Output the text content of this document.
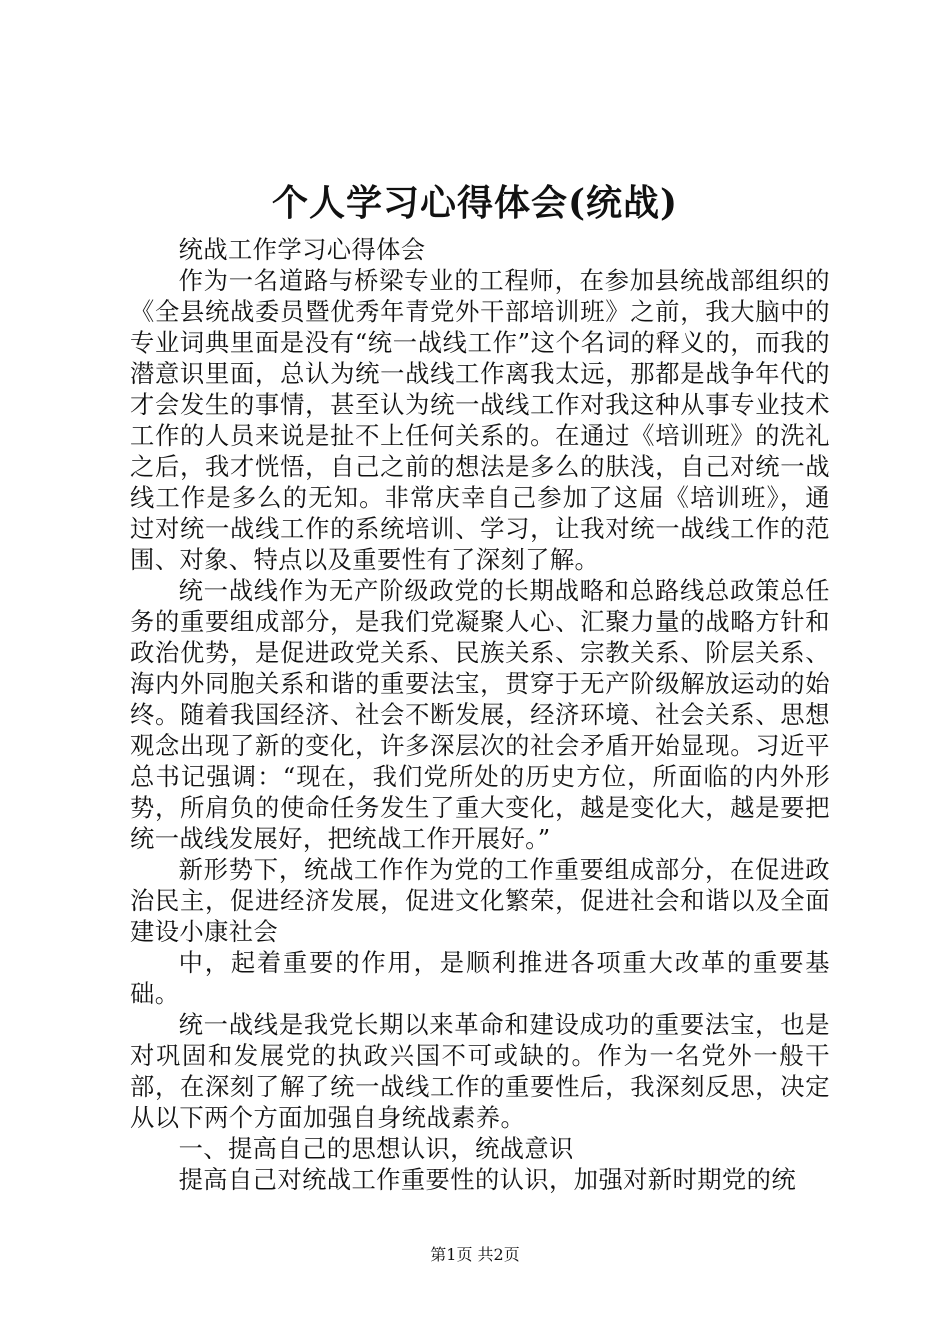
个人学习心得体会(统战)

统战工作学习心得体会

作为一名道路与桥梁专业的工程师，在参加县统战部组织的《全县统战委员暨优秀年青党外干部培训班》之前，我大脑中的专业词典里面是没有“统一战线工作”这个名词的释义的，而我的潜意识里面，总认为统一战线工作离我太远，那都是战争年代的才会发生的事情，甚至认为统一战线工作对我这种从事专业技术工作的人员来说是扯不上任何关系的。在通过《培训班》的洗礼之后，我才恍悟，自己之前的想法是多么的肤浅，自己对统一战线工作是多么的无知。非常庆幸自己参加了这届《培训班》，通过对统一战线工作的系统培训、学习，让我对统一战线工作的范围、对象、特点以及重要性有了深刻了解。

统一战线作为无产阶级政党的长期战略和总路线总政策总任务的重要组成部分，是我们党凝聚人心、汇聚力量的战略方针和政治优势，是促进政党关系、民族关系、宗教关系、阶层关系、海内外同胞关系和谐的重要法宝，贯穿于无产阶级解放运动的始终。随着我国经济、社会不断发展，经济环境、社会关系、思想观念出现了新的变化，许多深层次的社会矛盾开始显现。习近平总书记强调：“现在，我们党所处的历史方位，所面临的内外形势，所肩负的使命任务发生了重大变化，越是变化大，越是要把统一战线发展好，把统战工作开展好。”

新形势下，统战工作作为党的工作重要组成部分，在促进政治民主，促进经济发展，促进文化繁荣，促进社会和谐以及全面建设小康社会

中，起着重要的作用，是顺利推进各项重大改革的重要基础。

统一战线是我党长期以来革命和建设成功的重要法宝，也是对巩固和发展党的执政兴国不可或缺的。作为一名党外一般干部，在深刻了解了统一战线工作的重要性后，我深刻反思，决定从以下两个方面加强自身统战素养。

一、提高自己的思想认识，统战意识

提高自己对统战工作重要性的认识，加强对新时期党的统

第1页 共2页
